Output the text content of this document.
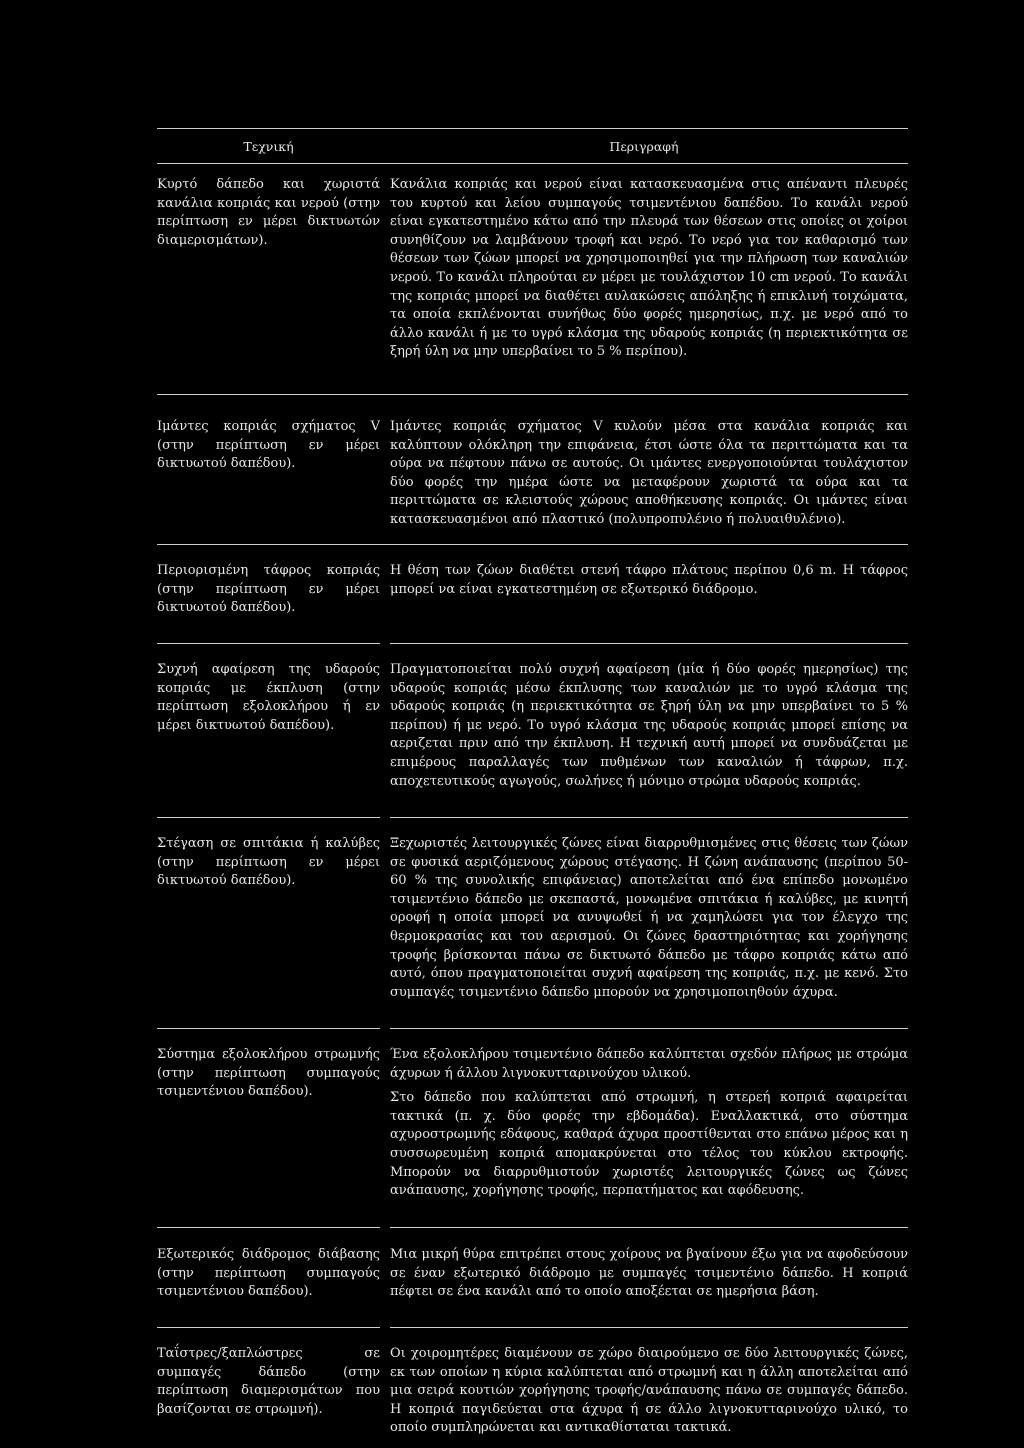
Τεχνική	Περιγραφή
Κυρτό δάπεδο και χωριστά κανάλια κοπριάς και νερού (στην περίπτωση εν μέρει δικτυωτών διαμερισμάτων).

Κανάλια κοπριάς και νερού είναι κατασκευασμένα στις απέναντι πλευρές του κυρτού και λείου συμπαγούς τσιμεντένιου δαπέδου. Το κανάλι νερού είναι εγκατεστημένο κάτω από την πλευρά των θέσεων στις οποίες οι χοίροι συνηθίζουν να λαμβάνουν τροφή και νερό. Το νερό για τον καθαρισμό των θέσεων των ζώων μπορεί να χρησιμοποιηθεί για την πλήρωση των καναλιών νερού. Το κανάλι πληρούται εν μέρει με τουλάχιστον 10 cm νερού. Το κανάλι της κοπριάς μπορεί να διαθέτει αυλακώσεις απόληξης ή επικλινή τοιχώματα, τα οποία εκπλένονται συνήθως δύο φορές ημερησίως, π.χ. με νερό από το άλλο κανάλι ή με το υγρό κλάσμα της υδαρούς κοπριάς (η περιεκτικότητα σε ξηρή ύλη να μην υπερβαίνει το 5 % περίπου).

Ιμάντες κοπριάς σχήματος V (στην περίπτωση εν μέρει δικτυωτού δαπέδου).

Ιμάντες κοπριάς σχήματος V κυλούν μέσα στα κανάλια κοπριάς και καλύπτουν ολόκληρη την επιφάνεια, έτσι ώστε όλα τα περιττώματα και τα ούρα να πέφτουν πάνω σε αυτούς. Οι ιμάντες ενεργοποιούνται τουλάχιστον δύο φορές την ημέρα ώστε να μεταφέρουν χωριστά τα ούρα και τα περιττώματα σε κλειστούς χώρους αποθήκευσης κοπριάς. Οι ιμάντες είναι κατασκευασμένοι από πλαστικό (πολυπροπυλένιο ή πολυαιθυλένιο).

Περιορισμένη τάφρος κοπριάς (στην περίπτωση εν μέρει δικτυωτού δαπέδου).

Η θέση των ζώων διαθέτει στενή τάφρο πλάτους περίπου 0,6 m. Η τάφρος μπορεί να είναι εγκατεστημένη σε εξωτερικό διάδρομο.

Συχνή αφαίρεση της υδαρούς κοπριάς με έκπλυση (στην περίπτωση εξολοκλήρου ή εν μέρει δικτυωτού δαπέδου).

Πραγματοποιείται πολύ συχνή αφαίρεση (μία ή δύο φορές ημερησίως) της υδαρούς κοπριάς μέσω έκπλυσης των καναλιών με το υγρό κλάσμα της υδαρούς κοπριάς (η περιεκτικότητα σε ξηρή ύλη να μην υπερβαίνει το 5 % περίπου) ή με νερό. Το υγρό κλάσμα της υδαρούς κοπριάς μπορεί επίσης να αεριζεται πριν από την έκπλυση. Η τεχνική αυτή μπορεί να συνδυάζεται με επιμέρους παραλλαγές των πυθμένων των καναλιών ή τάφρων, π.χ. αποχετευτικούς αγωγούς, σωλήνες ή μόνιμο στρώμα υδαρούς κοπριάς.

Στέγαση σε σπιτάκια ή καλύβες (στην περίπτωση εν μέρει δικτυωτού δαπέδου).

Ξεχωριστές λειτουργικές ζώνες είναι διαρρυθμισμένες στις θέσεις των ζώων σε φυσικά αεριζόμενους χώρους στέγασης. Η ζώνη ανάπαυσης (περίπου 50-60 % της συνολικής επιφάνειας) αποτελείται από ένα επίπεδο μονωμένο τσιμεντένιο δάπεδο με σκεπαστά, μονωμένα σπιτάκια ή καλύβες, με κινητή οροφή η οποία μπορεί να ανυψωθεί ή να χαμηλώσει για τον έλεγχο της θερμοκρασίας και του αερισμού. Οι ζώνες δραστηριότητας και χορήγησης τροφής βρίσκονται πάνω σε δικτυωτό δάπεδο με τάφρο κοπριάς κάτω από αυτό, όπου πραγματοποιείται συχνή αφαίρεση της κοπριάς, π.χ. με κενό. Στο συμπαγές τσιμεντένιο δάπεδο μπορούν να χρησιμοποιηθούν άχυρα.

Σύστημα εξολοκλήρου στρωμνής (στην περίπτωση συμπαγούς τσιμεντένιου δαπέδου).

Ένα εξολοκλήρου τσιμεντένιο δάπεδο καλύπτεται σχεδόν πλήρως με στρώμα άχυρων ή άλλου λιγνοκυτταρινούχου υλικού.

Στο δάπεδο που καλύπτεται από στρωμνή, η στερεή κοπριά αφαιρείται τακτικά (π. χ. δύο φορές την εβδομάδα). Εναλλακτικά, στο σύστημα αχυροστρωμνής εδάφους, καθαρά άχυρα προστίθενται στο επάνω μέρος και η συσσωρευμένη κοπριά απομακρύνεται στο τέλος του κύκλου εκτροφής. Μπορούν να διαρρυθμιστούν χωριστές λειτουργικές ζώνες ως ζώνες ανάπαυσης, χορήγησης τροφής, περπατήματος και αφόδευσης.

Εξωτερικός διάδρομος διάβασης (στην περίπτωση συμπαγούς τσιμεντένιου δαπέδου).

Μια μικρή θύρα επιτρέπει στους χοίρους να βγαίνουν έξω για να αφοδεύσουν σε έναν εξωτερικό διάδρομο με συμπαγές τσιμεντένιο δάπεδο. Η κοπριά πέφτει σε ένα κανάλι από το οποίο αποξέεται σε ημερήσια βάση.

Ταΐστρες/ξαπλώστρες σε συμπαγές δάπεδο (στην περίπτωση διαμερισμάτων που βασίζονται σε στρωμνή).

Οι χοιρομητέρες διαμένουν σε χώρο διαιρούμενο σε δύο λειτουργικές ζώνες, εκ των οποίων η κύρια καλύπτεται από στρωμνή και η άλλη αποτελείται από μια σειρά κουτιών χορήγησης τροφής/ανάπαυσης πάνω σε συμπαγές δάπεδο. Η κοπριά παγιδεύεται στα άχυρα ή σε άλλο λιγνοκυτταρινούχο υλικό, το οποίο συμπληρώνεται και αντικαθίσταται τακτικά.
